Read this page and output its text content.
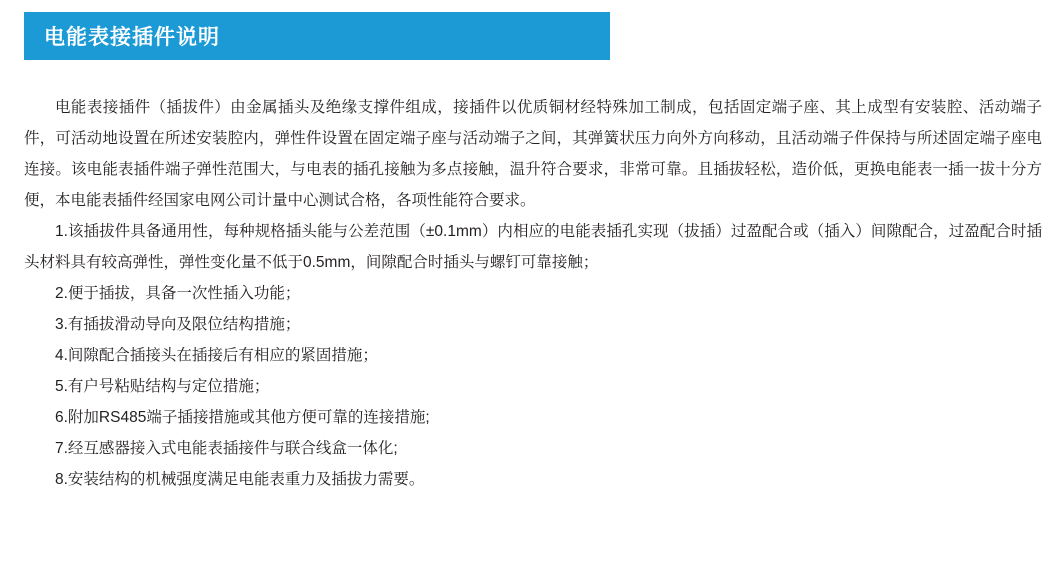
电能表接插件说明

电能表接插件（插拔件）由金属插头及绝缘支撑件组成，接插件以优质铜材经特殊加工制成，包括固定端子座、其上成型有安装腔、活动端子件，可活动地设置在所述安装腔内，弹性件设置在固定端子座与活动端子之间，其弹簧状压力向外方向移动，且活动端子件保持与所述固定端子座电连接。该电能表插件端子弹性范围大，与电表的插孔接触为多点接触，温升符合要求，非常可靠。且插拔轻松，造价低，更换电能表一插一拔十分方便，本电能表插件经国家电网公司计量中心测试合格，各项性能符合要求。

1.该插拔件具备通用性，每种规格插头能与公差范围（±0.1mm）内相应的电能表插孔实现（拔插）过盈配合或（插入）间隙配合，过盈配合时插头材料具有较高弹性，弹性变化量不低于0.5mm，间隙配合时插头与螺钉可靠接触；

2.便于插拔，具备一次性插入功能；

3.有插拔滑动导向及限位结构措施；

4.间隙配合插接头在插接后有相应的紧固措施；

5.有户号粘贴结构与定位措施；

6.附加RS485端子插接措施或其他方便可靠的连接措施;

7.经互感器接入式电能表插接件与联合线盒一体化;

8.安装结构的机械强度满足电能表重力及插拔力需要。
